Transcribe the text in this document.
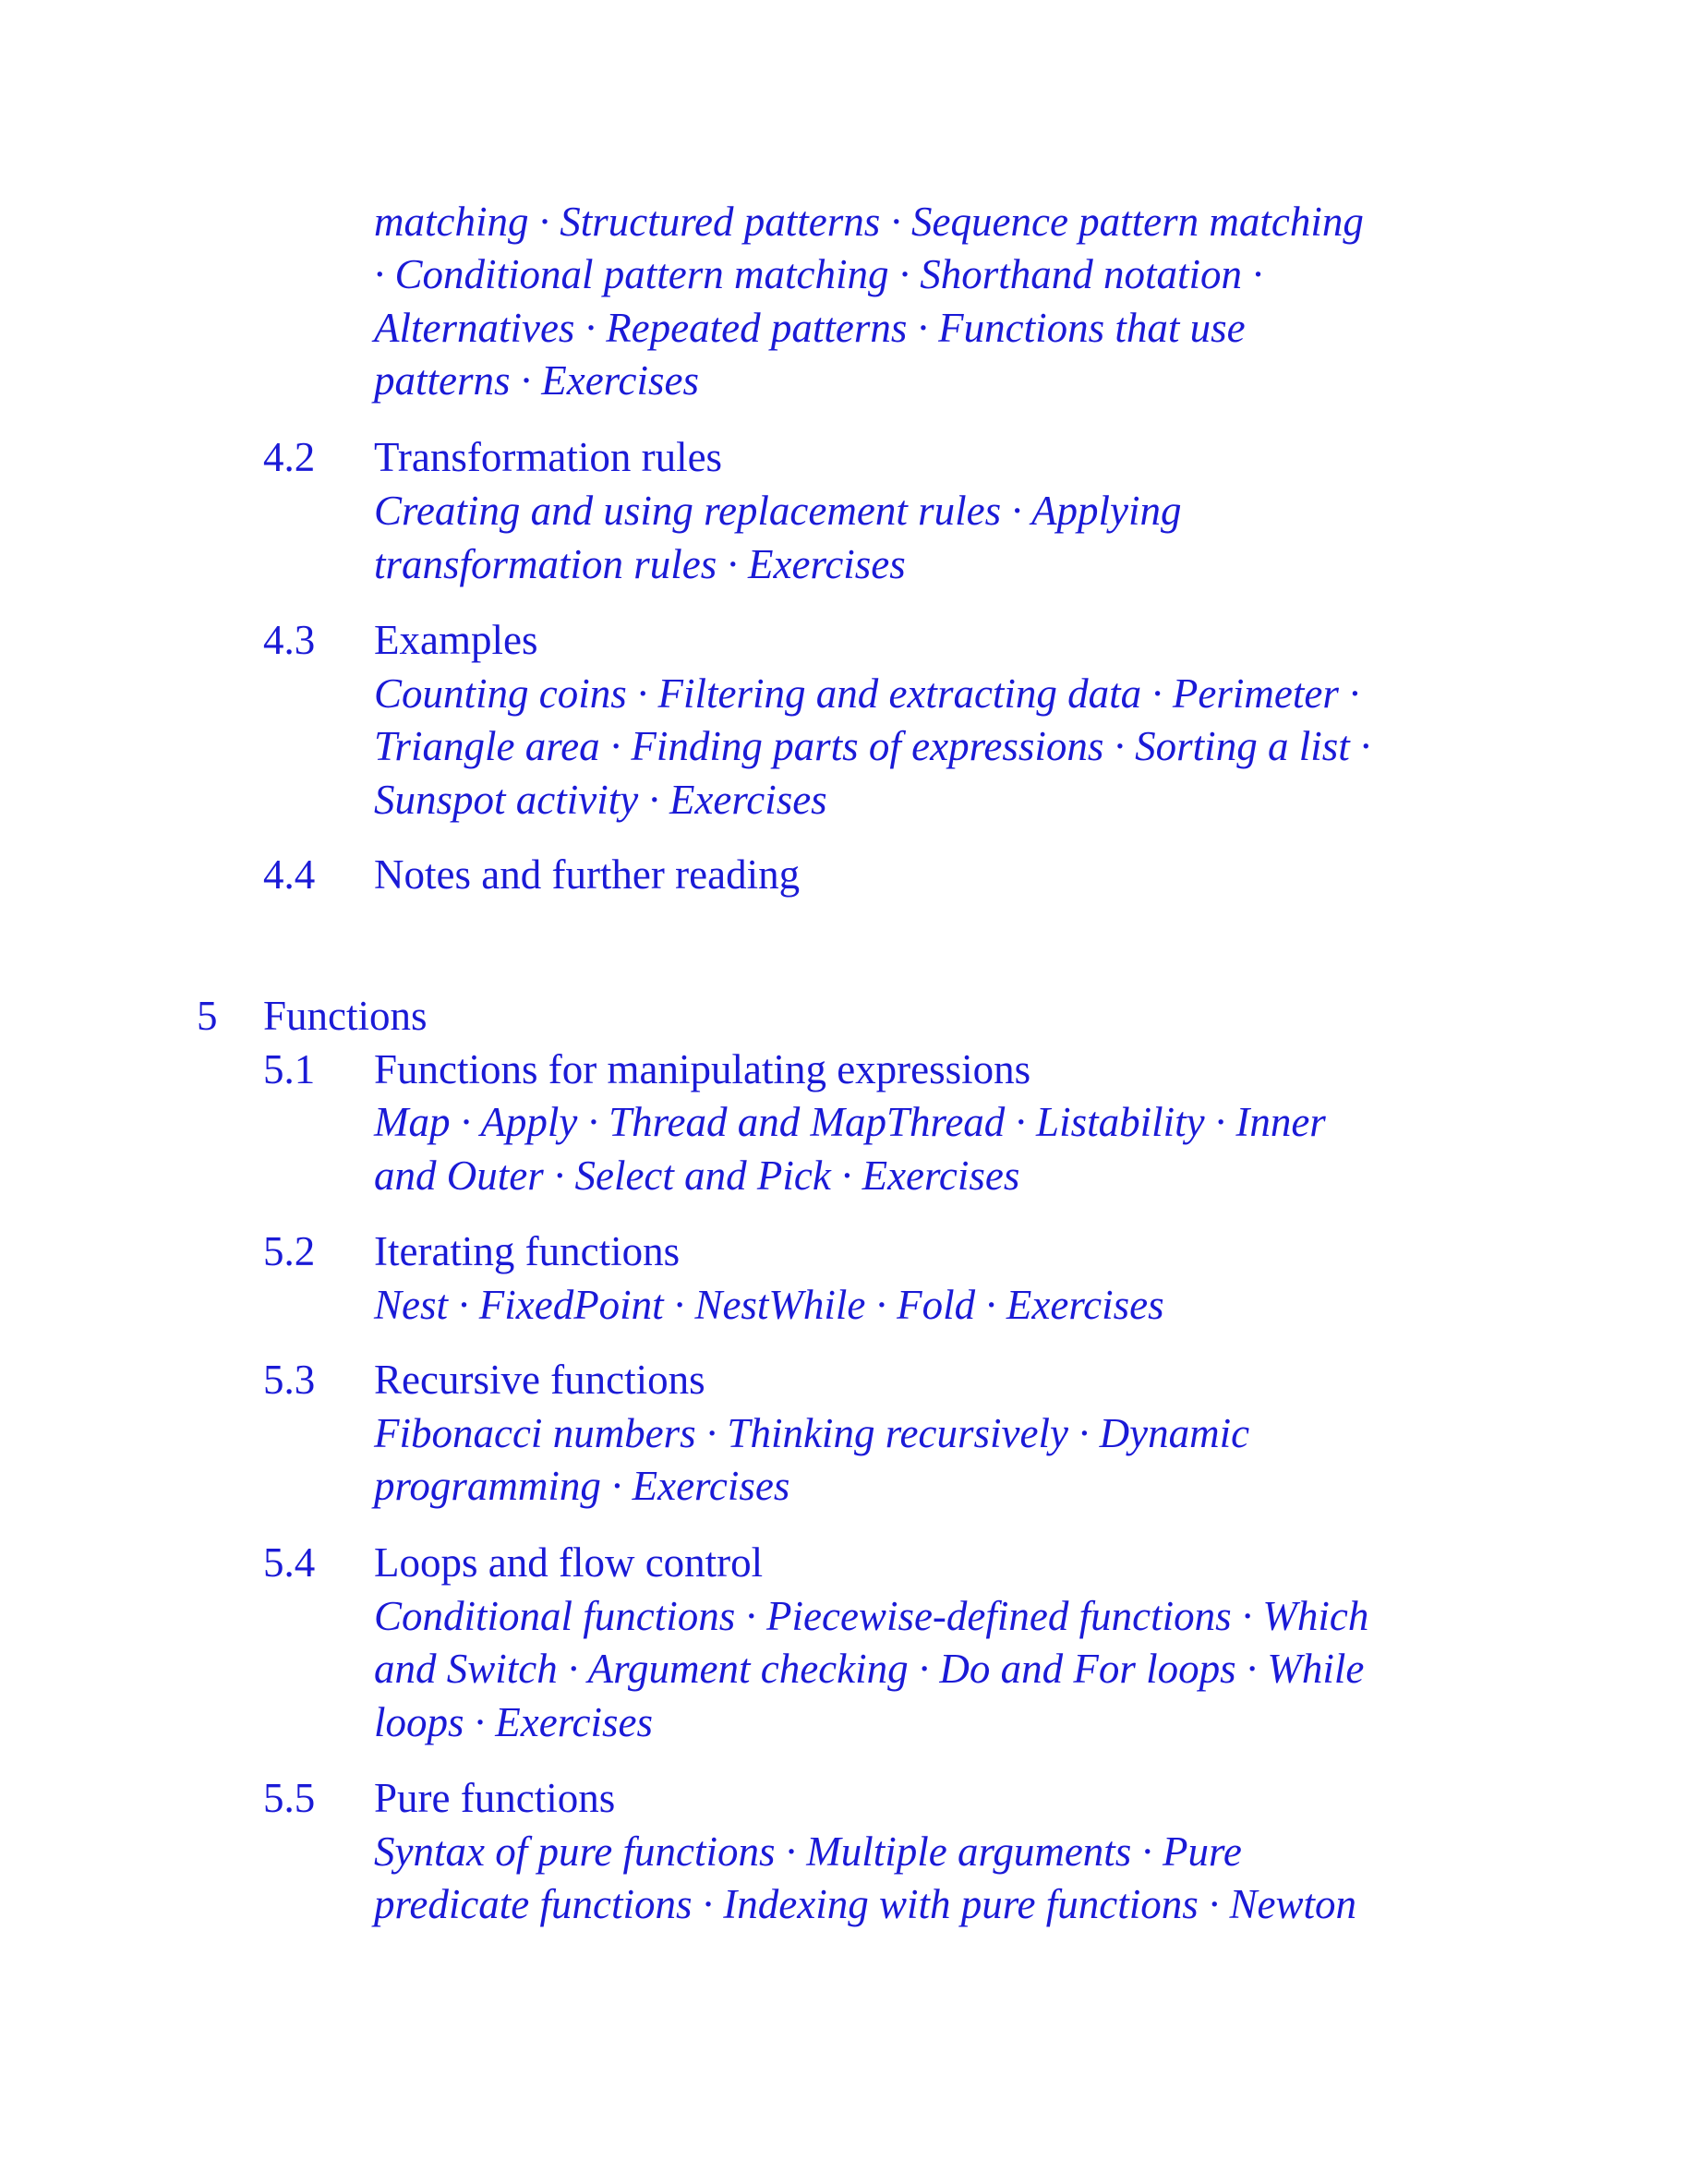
matching · Structured patterns · Sequence pattern matching
· Conditional pattern matching · Shorthand notation ·
Alternatives · Repeated patterns · Functions that use
patterns · Exercises
4.2 Transformation rules
Creating and using replacement rules · Applying
transformation rules · Exercises
4.3 Examples
Counting coins · Filtering and extracting data · Perimeter ·
Triangle area · Finding parts of expressions · Sorting a list ·
Sunspot activity · Exercises
4.4 Notes and further reading
5 Functions
5.1 Functions for manipulating expressions
Map · Apply · Thread and MapThread · Listability · Inner
and Outer · Select and Pick · Exercises
5.2 Iterating functions
Nest · FixedPoint · NestWhile · Fold · Exercises
5.3 Recursive functions
Fibonacci numbers · Thinking recursively · Dynamic
programming · Exercises
5.4 Loops and flow control
Conditional functions · Piecewise-defined functions · Which
and Switch · Argument checking · Do and For loops · While
loops · Exercises
5.5 Pure functions
Syntax of pure functions · Multiple arguments · Pure
predicate functions · Indexing with pure functions · Newton
